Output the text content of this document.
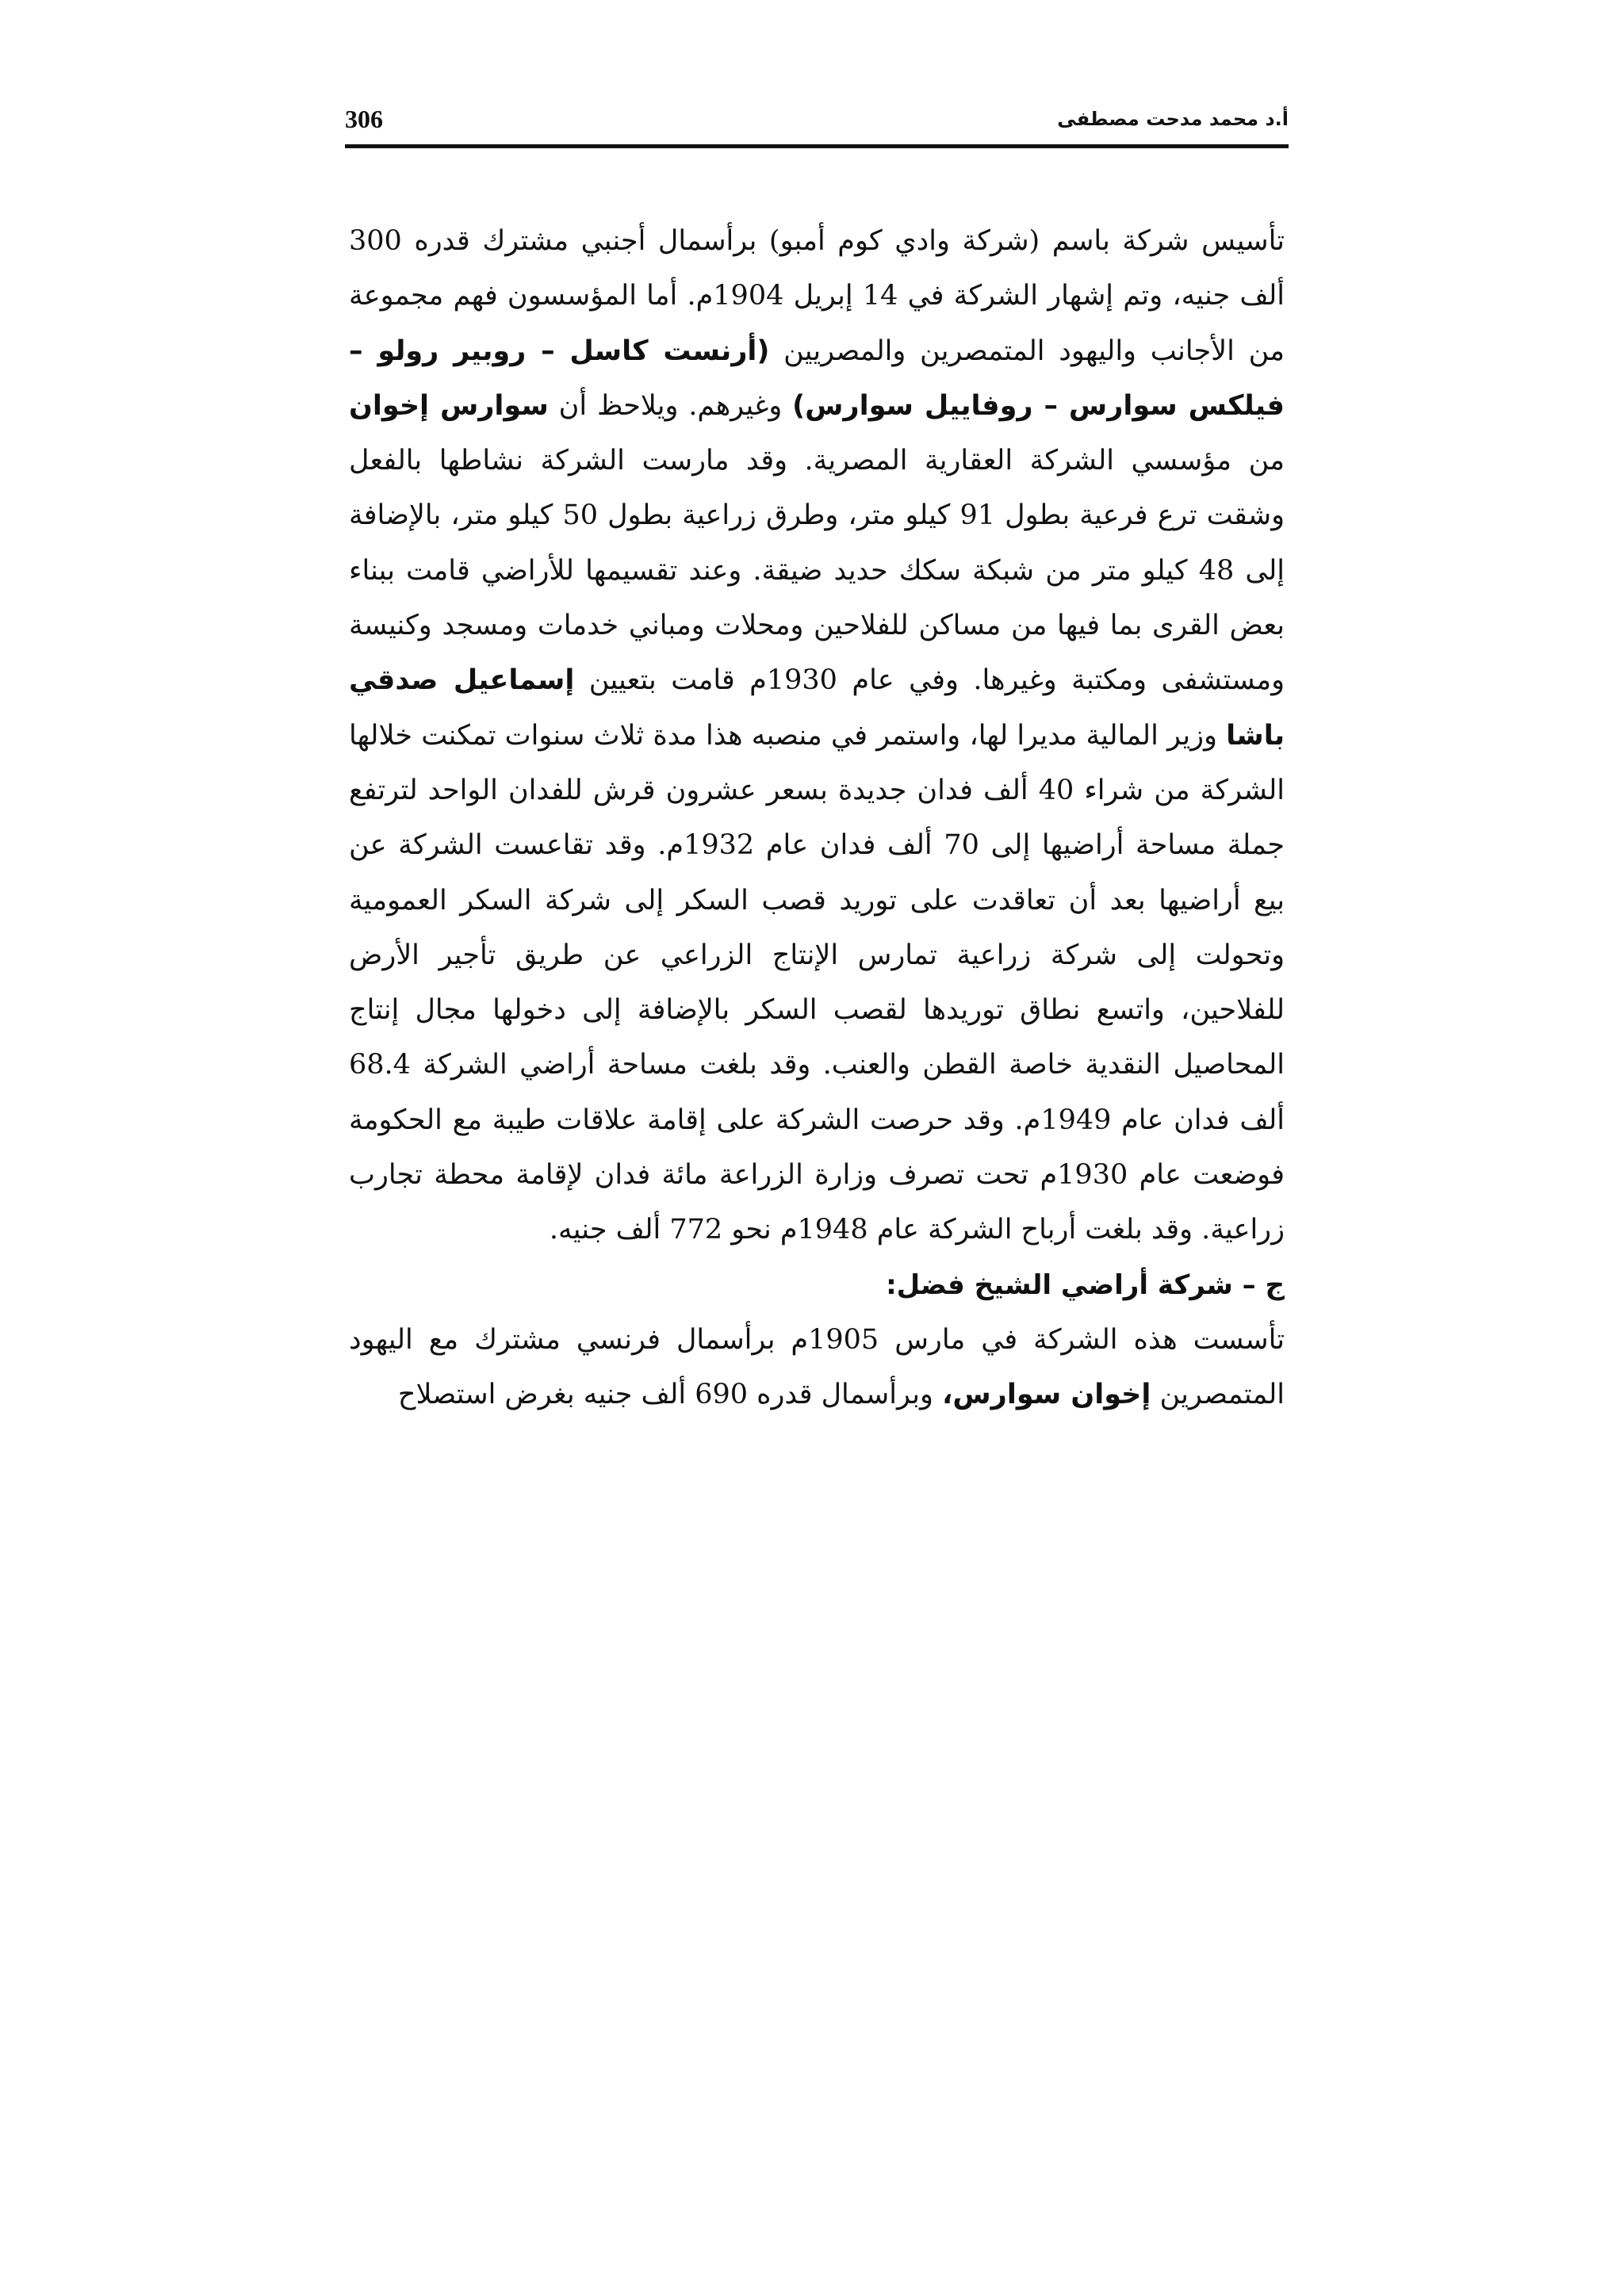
306	أ.د محمد مدحت مصطفى

تأسيس شركة باسم (شركة وادي كوم أمبو) برأسمال أجنبي مشترك قدره 300 ألف جنيه، وتم إشهار الشركة في 14 إبريل 1904م. أما المؤسسون فهم مجموعة من الأجانب واليهود المتمصرين والمصريين (أرنست كاسل – روبير رولو – فيلكس سوارس – روفاييل سوارس) وغيرهم. ويلاحظ أن سوارس إخوان من مؤسسي الشركة العقارية المصرية. وقد مارست الشركة نشاطها بالفعل وشقت ترع فرعية بطول 91 كيلو متر، وطرق زراعية بطول 50 كيلو متر، بالإضافة إلى 48 كيلو متر من شبكة سكك حديد ضيقة. وعند تقسيمها للأراضي قامت ببناء بعض القرى بما فيها من مساكن للفلاحين ومحلات ومباني خدمات ومسجد وكنيسة ومستشفى ومكتبة وغيرها. وفي عام 1930م قامت بتعيين إسماعيل صدقي باشا وزير المالية مديرا لها، واستمر في منصبه هذا مدة ثلاث سنوات تمكنت خلالها الشركة من شراء 40 ألف فدان جديدة بسعر عشرون قرش للفدان الواحد لترتفع جملة مساحة أراضيها إلى 70 ألف فدان عام 1932م. وقد تقاعست الشركة عن بيع أراضيها بعد أن تعاقدت على توريد قصب السكر إلى شركة السكر العمومية وتحولت إلى شركة زراعية تمارس الإنتاج الزراعي عن طريق تأجير الأرض للفلاحين، واتسع نطاق توريدها لقصب السكر بالإضافة إلى دخولها مجال إنتاج المحاصيل النقدية خاصة القطن والعنب. وقد بلغت مساحة أراضي الشركة 68.4 ألف فدان عام 1949م. وقد حرصت الشركة على إقامة علاقات طيبة مع الحكومة فوضعت عام 1930م تحت تصرف وزارة الزراعة مائة فدان لإقامة محطة تجارب زراعية. وقد بلغت أرباح الشركة عام 1948م نحو 772 ألف جنيه.

ج – شركة أراضي الشيخ فضل:

تأسست هذه الشركة في مارس 1905م برأسمال فرنسي مشترك مع اليهود المتمصرين إخوان سوارس، وبرأسمال قدره 690 ألف جنيه بغرض استصلاح
